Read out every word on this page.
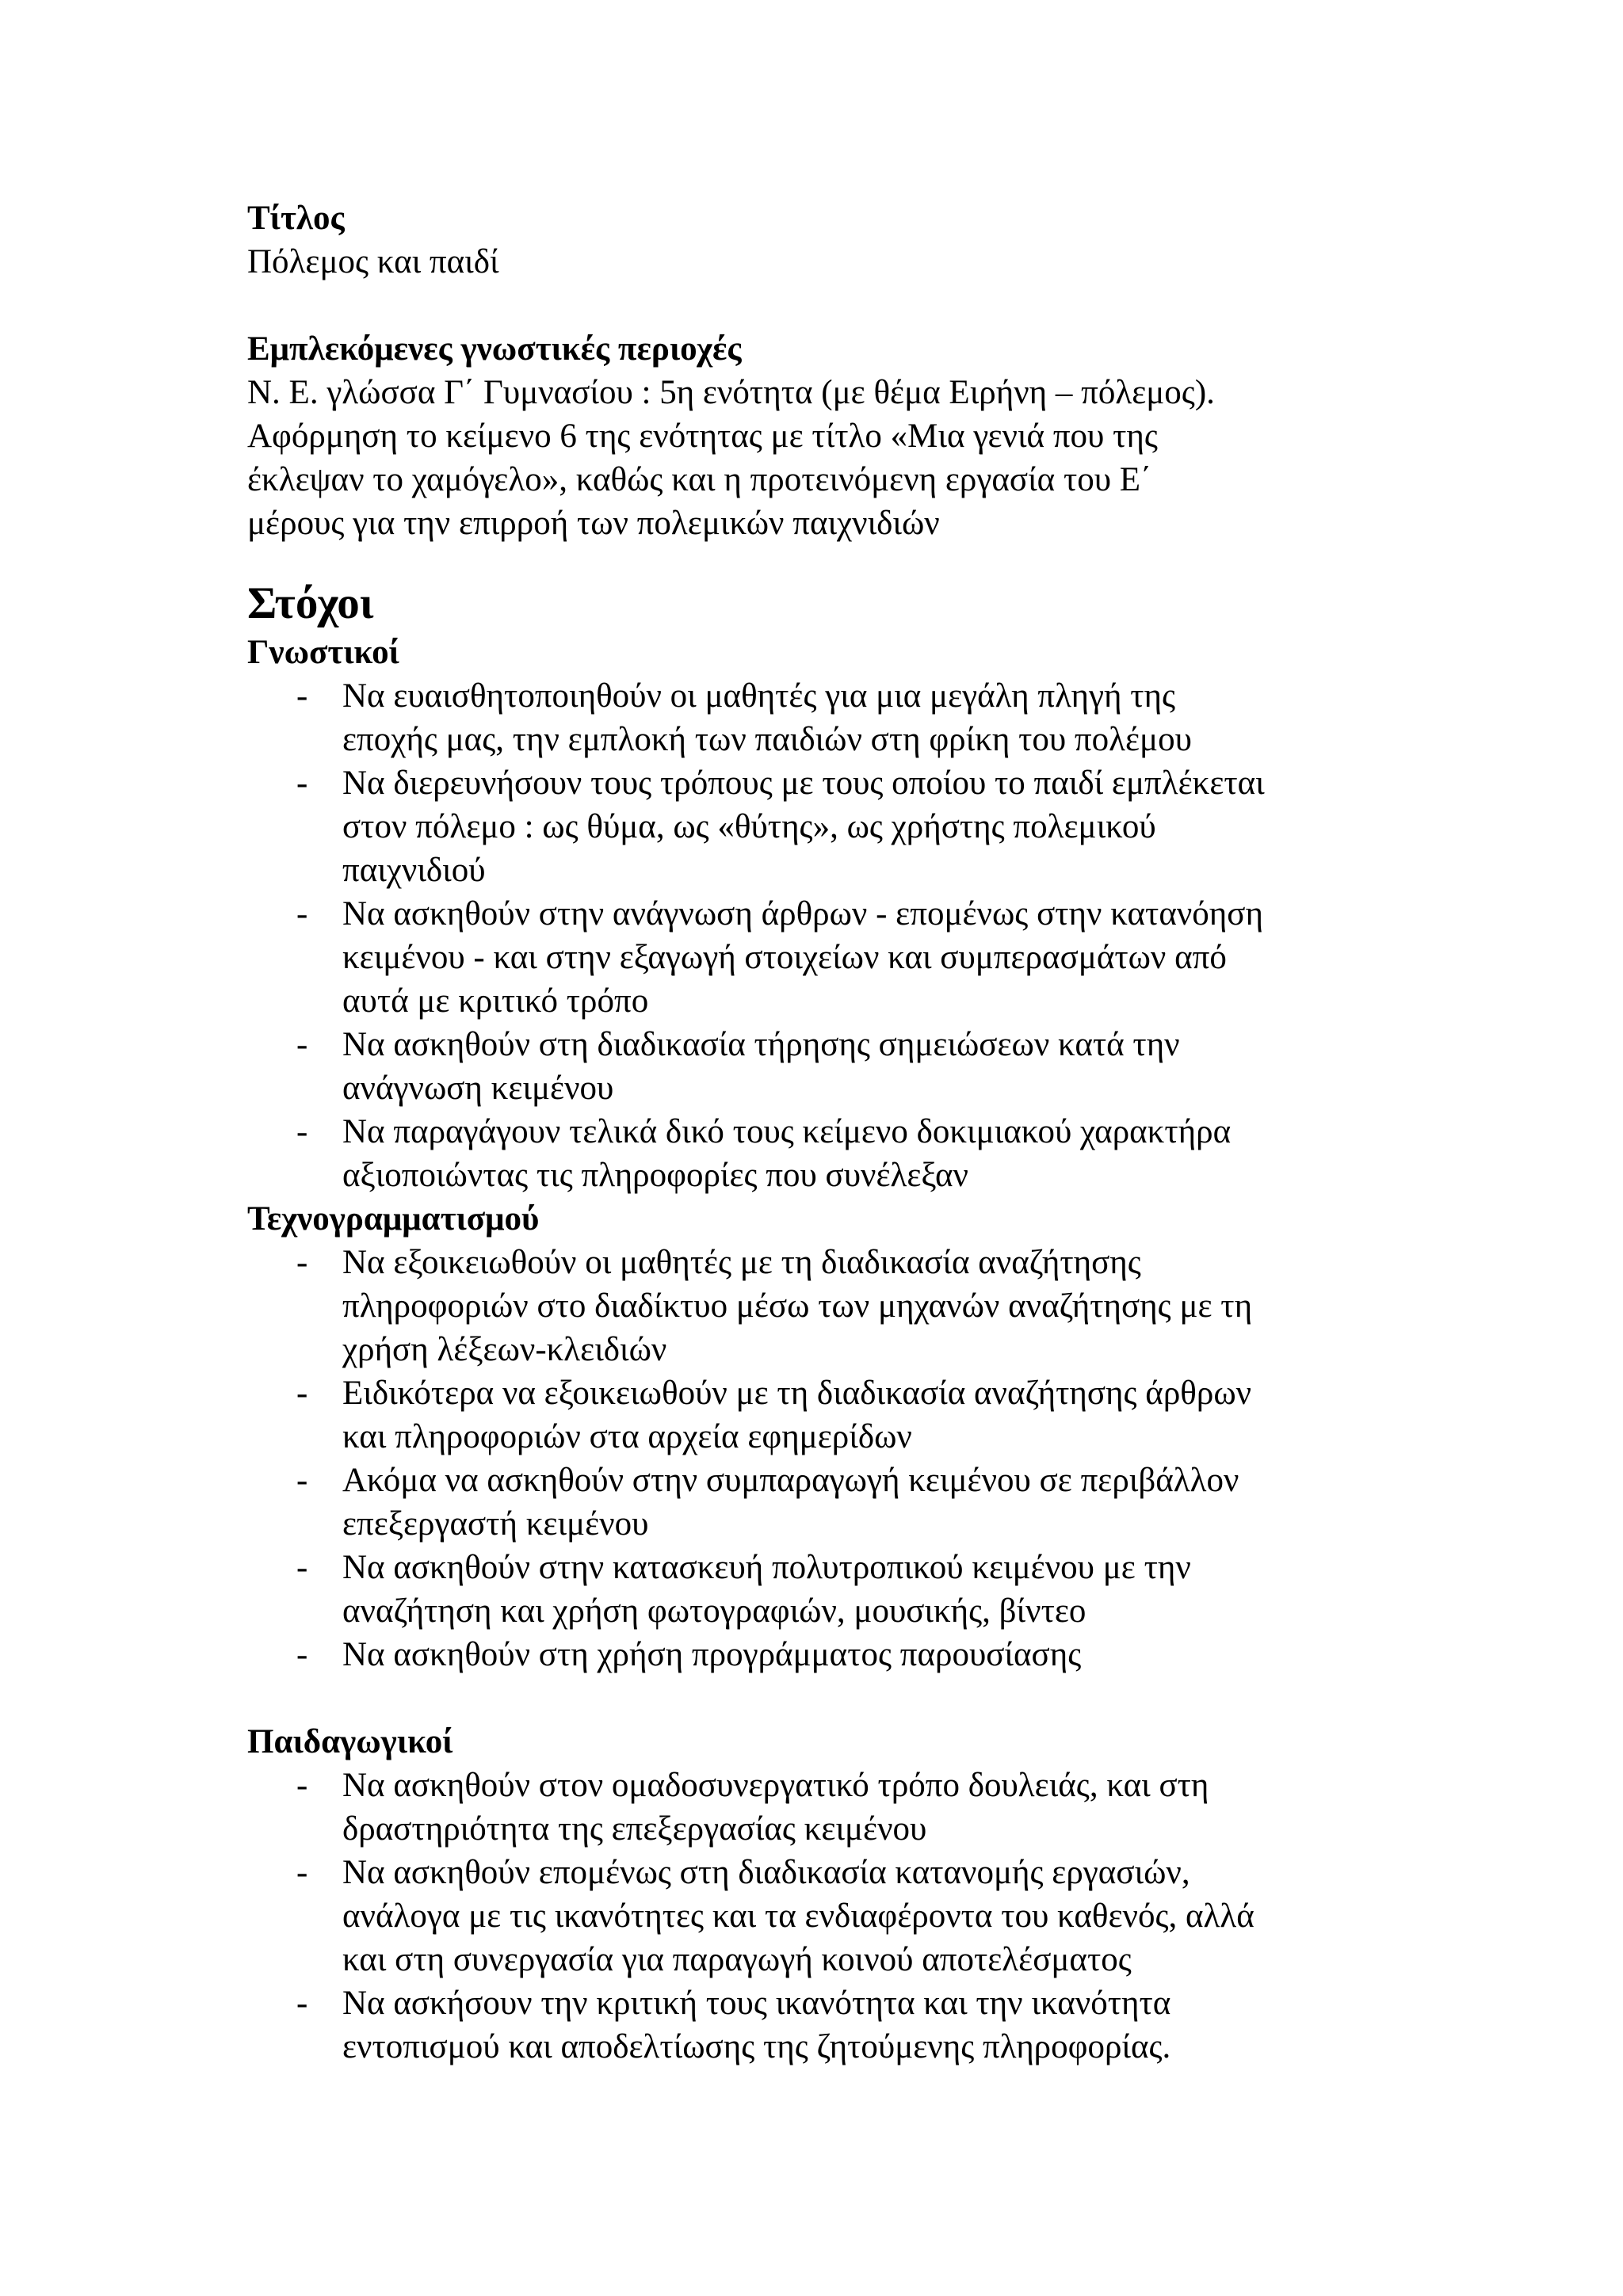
Τίτλος
Πόλεμος και παιδί
Εμπλεκόμενες γνωστικές περιοχές
Ν. Ε. γλώσσα Γ΄ Γυμνασίου : 5η ενότητα (με θέμα Ειρήνη – πόλεμος).
Αφόρμηση το κείμενο 6 της ενότητας με τίτλο «Μια γενιά που της
έκλεψαν το χαμόγελο», καθώς και η προτεινόμενη εργασία του Ε΄
μέρους για την επιρροή των πολεμικών παιχνιδιών
Στόχοι
Γνωστικοί
- Να ευαισθητοποιηθούν οι μαθητές για μια μεγάλη πληγή της
εποχής μας, την εμπλοκή των παιδιών στη φρίκη του πολέμου
- Να διερευνήσουν τους τρόπους με τους οποίου το παιδί εμπλέκεται
στον πόλεμο : ως θύμα, ως «θύτης», ως χρήστης πολεμικού
παιχνιδιού
- Να ασκηθούν στην ανάγνωση άρθρων - επομένως στην κατανόηση
κειμένου - και στην εξαγωγή στοιχείων και συμπερασμάτων από
αυτά με κριτικό τρόπο
- Να ασκηθούν στη διαδικασία τήρησης σημειώσεων κατά την
ανάγνωση κειμένου
- Να παραγάγουν τελικά δικό τους κείμενο δοκιμιακού χαρακτήρα
αξιοποιώντας τις πληροφορίες που συνέλεξαν
Τεχνογραμματισμού
- Να εξοικειωθούν οι μαθητές με τη διαδικασία αναζήτησης
πληροφοριών στο διαδίκτυο μέσω των μηχανών αναζήτησης με τη
χρήση λέξεων-κλειδιών
- Ειδικότερα να εξοικειωθούν με τη διαδικασία αναζήτησης άρθρων
και πληροφοριών στα αρχεία εφημερίδων
- Ακόμα να ασκηθούν στην συμπαραγωγή κειμένου σε περιβάλλον
επεξεργαστή κειμένου
- Να ασκηθούν στην κατασκευή πολυτροπικού κειμένου με την
αναζήτηση και χρήση φωτογραφιών, μουσικής, βίντεο
- Να ασκηθούν στη χρήση προγράμματος παρουσίασης
Παιδαγωγικοί
- Να ασκηθούν στον ομαδοσυνεργατικό τρόπο δουλειάς, και στη
δραστηριότητα της επεξεργασίας κειμένου
- Να ασκηθούν επομένως στη διαδικασία κατανομής εργασιών,
ανάλογα με τις ικανότητες και τα ενδιαφέροντα του καθενός, αλλά
και στη συνεργασία για παραγωγή κοινού αποτελέσματος
- Να ασκήσουν την κριτική τους ικανότητα και την ικανότητα
εντοπισμού και αποδελτίωσης της ζητούμενης πληροφορίας.
